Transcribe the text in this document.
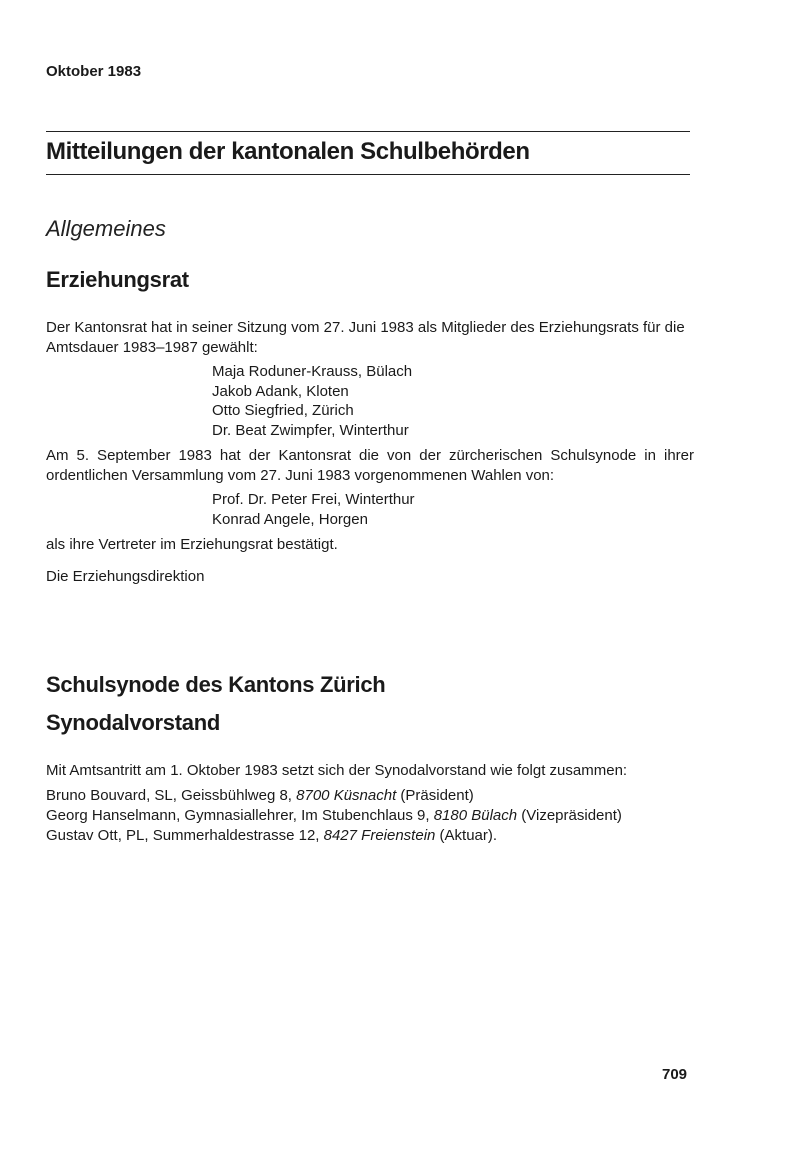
Oktober 1983
Mitteilungen der kantonalen Schulbehörden
Allgemeines
Erziehungsrat
Der Kantonsrat hat in seiner Sitzung vom 27. Juni 1983 als Mitglieder des Erziehungsrats für die Amtsdauer 1983–1987 gewählt:
Maja Roduner-Krauss, Bülach
Jakob Adank, Kloten
Otto Siegfried, Zürich
Dr. Beat Zwimpfer, Winterthur
Am 5. September 1983 hat der Kantonsrat die von der zürcherischen Schulsynode in ihrer ordentlichen Versammlung vom 27. Juni 1983 vorgenommenen Wahlen von:
Prof. Dr. Peter Frei, Winterthur
Konrad Angele, Horgen
als ihre Vertreter im Erziehungsrat bestätigt.
Die Erziehungsdirektion
Schulsynode des Kantons Zürich
Synodalvorstand
Mit Amtsantritt am 1. Oktober 1983 setzt sich der Synodalvorstand wie folgt zusammen:
Bruno Bouvard, SL, Geissbühlweg 8, 8700 Küsnacht (Präsident)
Georg Hanselmann, Gymnasiallehrer, Im Stubenchlaus 9, 8180 Bülach (Vizepräsident)
Gustav Ott, PL, Summerhaldestrasse 12, 8427 Freienstein (Aktuar).
709
